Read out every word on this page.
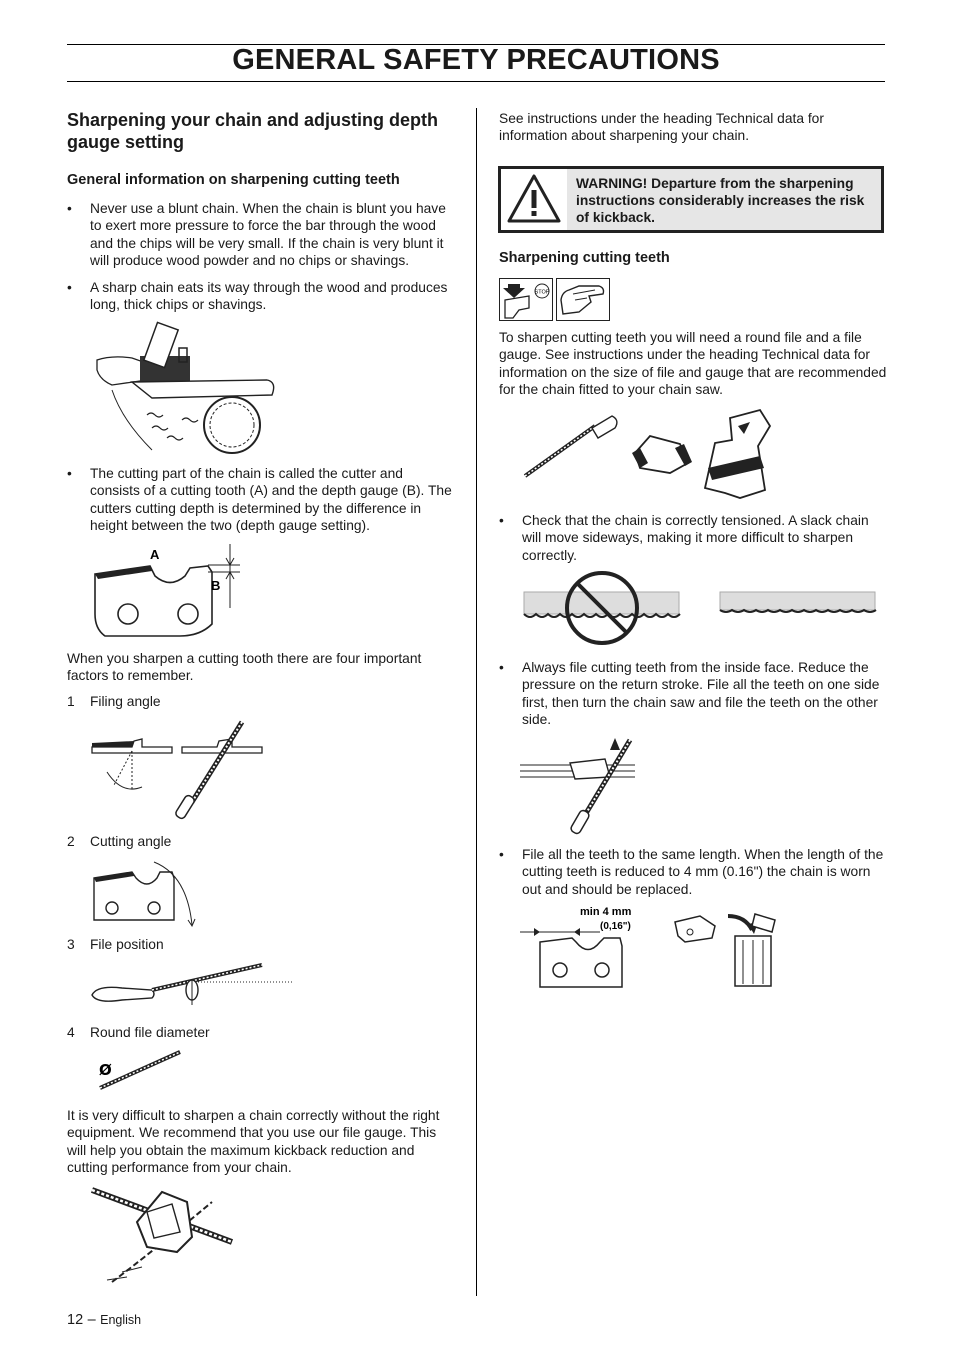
GENERAL SAFETY PRECAUTIONS
Sharpening your chain and adjusting depth gauge setting
General information on sharpening cutting teeth
• Never use a blunt chain. When the chain is blunt you have to exert more pressure to force the bar through the wood and the chips will be very small. If the chain is very blunt it will produce wood powder and no chips or shavings.
• A sharp chain eats its way through the wood and produces long, thick chips or shavings.
• The cutting part of the chain is called the cutter and consists of a cutting tooth (A) and the depth gauge (B). The cutters cutting depth is determined by the difference in height between the two (depth gauge setting).
A
B
When you sharpen a cutting tooth there are four important factors to remember.
1 Filing angle
2 Cutting angle
3 File position
4 Round file diameter
Ø
It is very difficult to sharpen a chain correctly without the right equipment. We recommend that you use our file gauge. This will help you obtain the maximum kickback reduction and cutting performance from your chain.
See instructions under the heading Technical data for information about sharpening your chain.
WARNING! Departure from the sharpening instructions considerably increases the risk of kickback.
Sharpening cutting teeth
STOP
To sharpen cutting teeth you will need a round file and a file gauge. See instructions under the heading Technical data for information on the size of file and gauge that are recommended for the chain fitted to your chain saw.
• Check that the chain is correctly tensioned. A slack chain will move sideways, making it more difficult to sharpen correctly.
• Always file cutting teeth from the inside face. Reduce the pressure on the return stroke. File all the teeth on one side first, then turn the chain saw and file the teeth on the other side.
• File all the teeth to the same length. When the length of the cutting teeth is reduced to 4 mm (0.16") the chain is worn out and should be replaced.
min 4 mm
(0,16")
12 – English
